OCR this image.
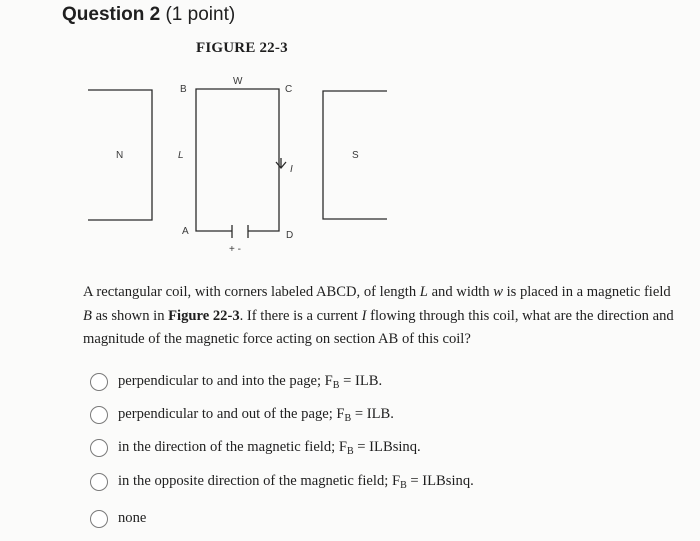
Question 2 (1 point)
FIGURE 22-3
N	S
B	C
A	D
W
L
I
+ -
A rectangular coil, with corners labeled ABCD, of length L and width w is placed in a magnetic field B as shown in Figure 22-3. If there is a current I flowing through this coil, what are the direction and magnitude of the magnetic force acting on section AB of this coil?
perpendicular to and into the page; $F_B$ = ILB.
perpendicular to and out of the page; $F_B$ = ILB.
in the direction of the magnetic field; $F_B = ILBsinq$.
in the opposite direction of the magnetic field; $F_B = ILBsinq$.
none
